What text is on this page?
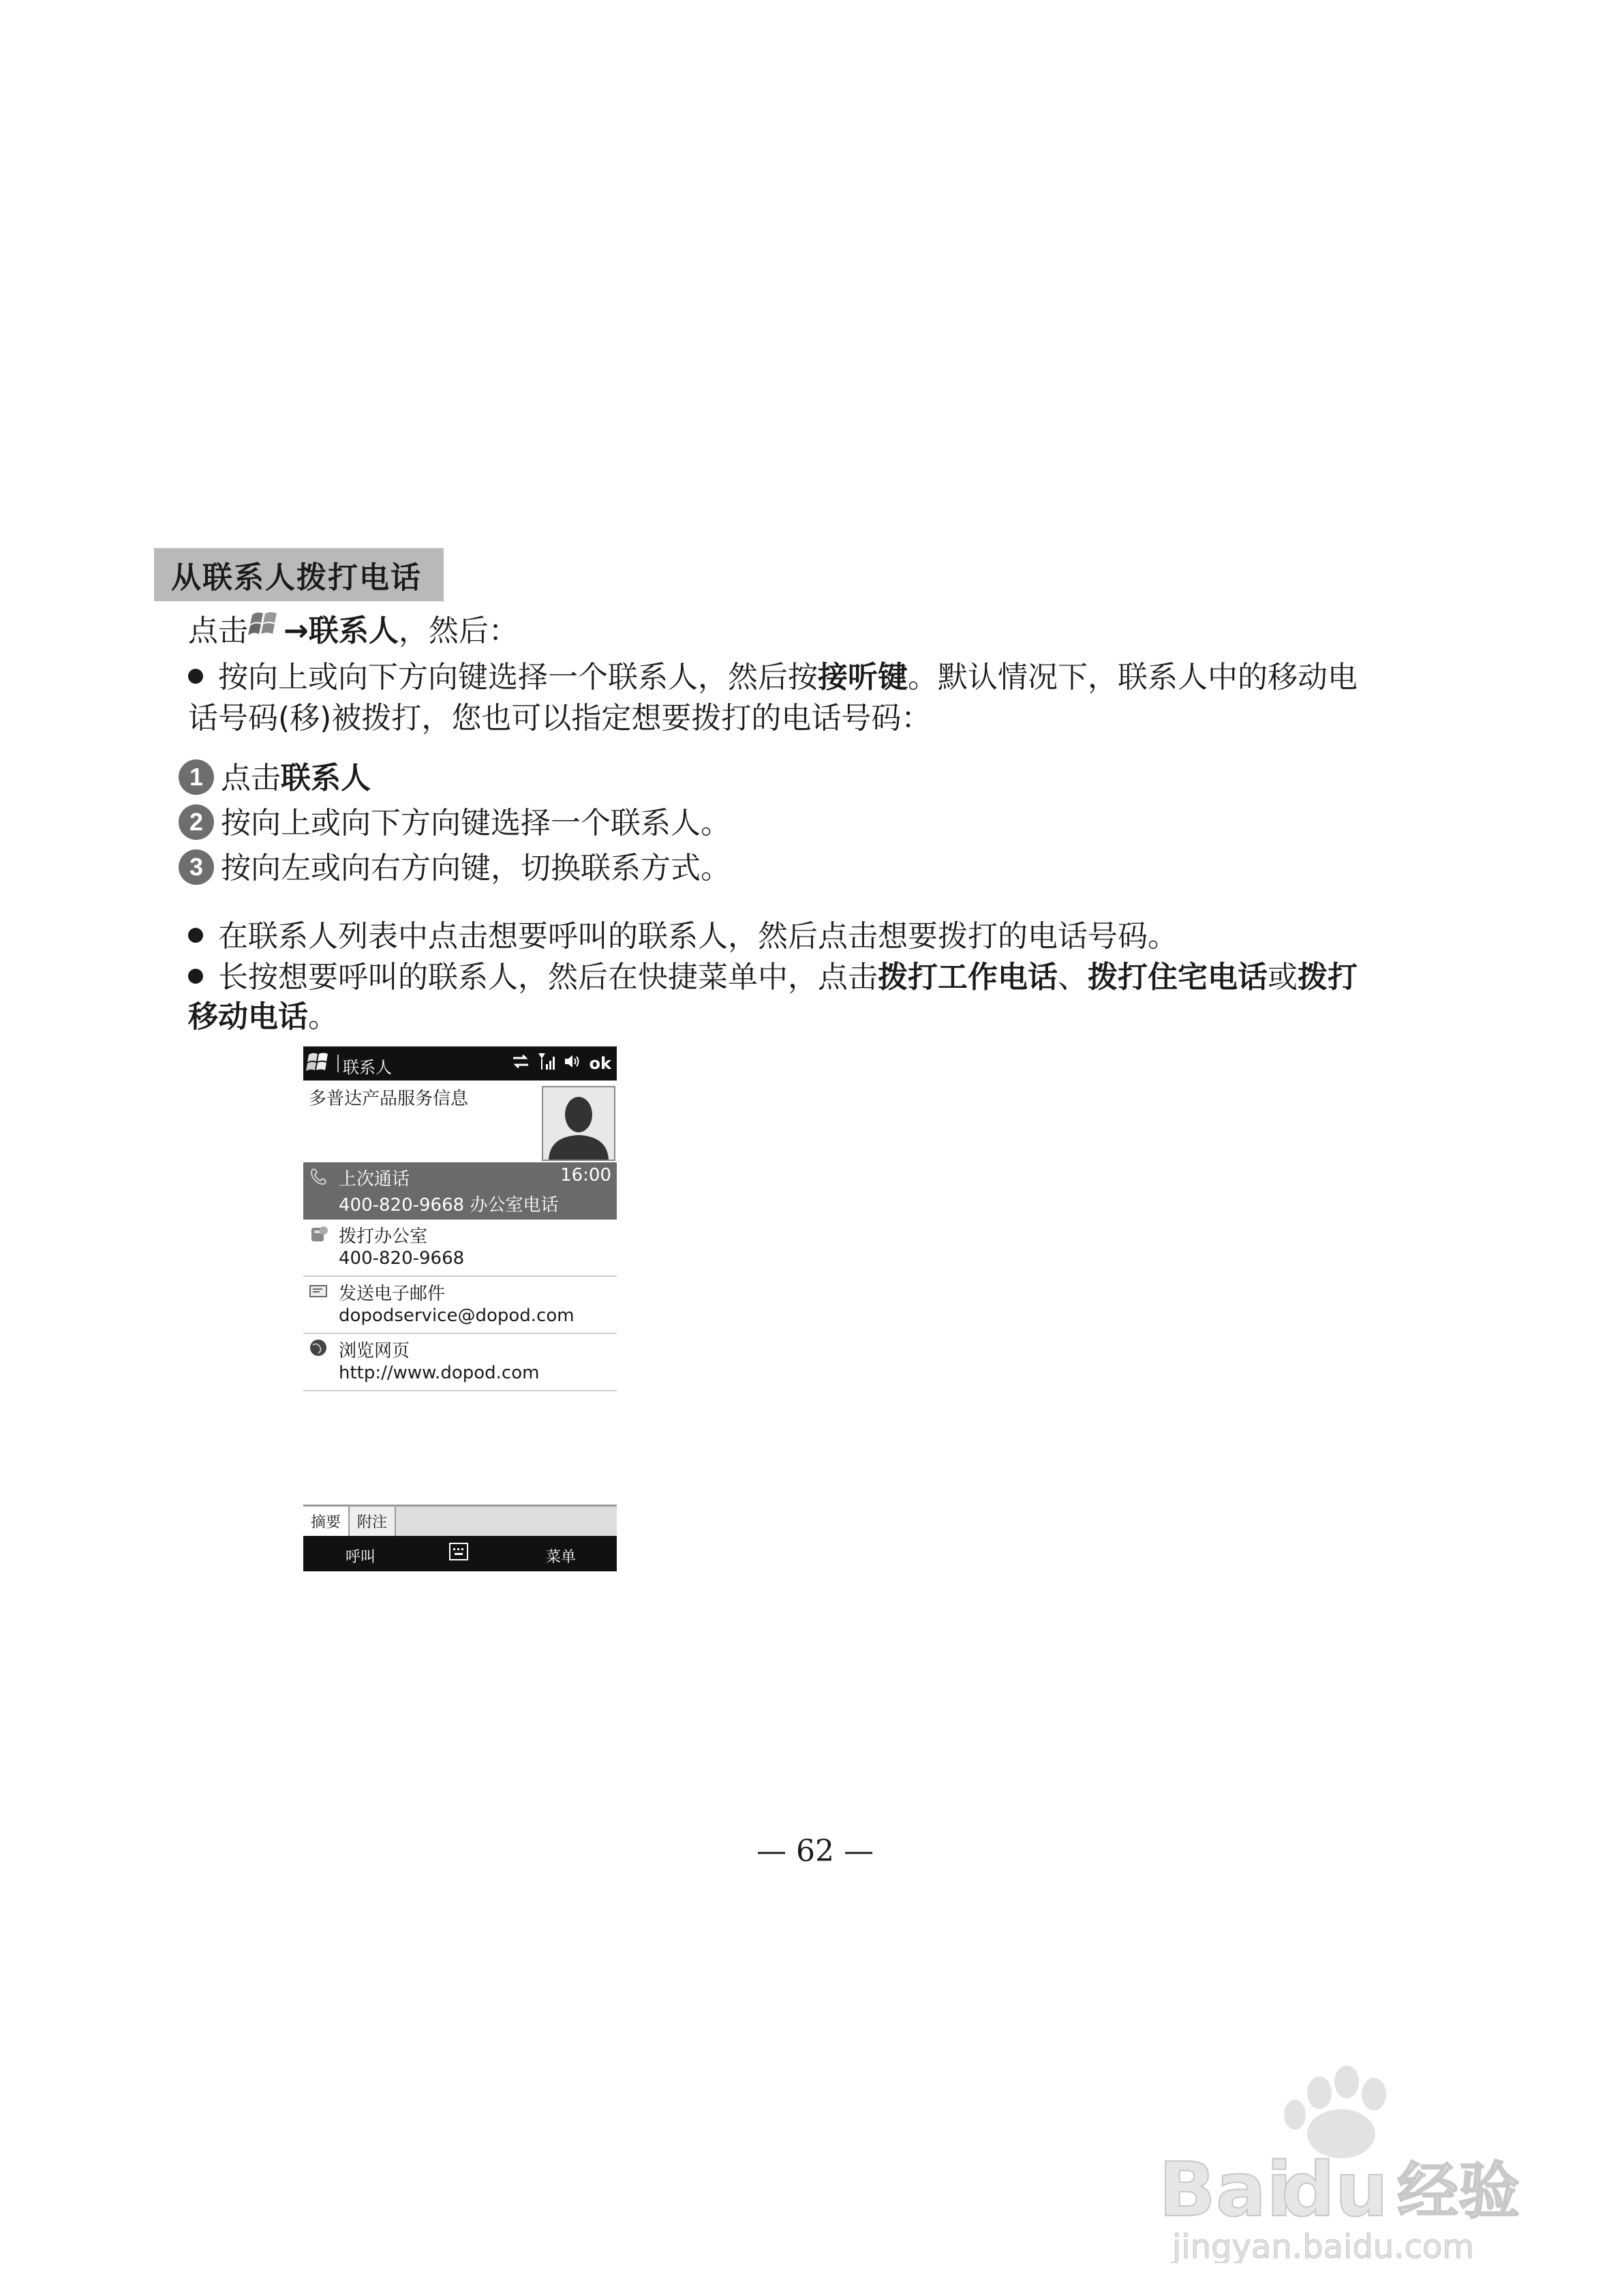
从联系人拨打电话
点击 →联系人，然后：
按向上或向下方向键选择一个联系人，然后按接听键。默认情况下，联系人中的移动电
话号码(移)被拨打，您也可以指定想要拨打的电话号码：
1 点击联系人
2 按向上或向下方向键选择一个联系人。
3 按向左或向右方向键，切换联系方式。
在联系人列表中点击想要呼叫的联系人，然后点击想要拨打的电话号码。
长按想要呼叫的联系人，然后在快捷菜单中，点击拨打工作电话、拨打住宅电话或拨打
移动电话。
联系人	ok
多普达产品服务信息
上次通话	16:00
400-820-9668 办公室电话
拨打办公室
400-820-9668
发送电子邮件
dopodservice@dopod.com
浏览网页
http://www.dopod.com
摘要	附注
呼叫	菜单
— 62 —
Bai
du 经验
jingyan.baidu.com
